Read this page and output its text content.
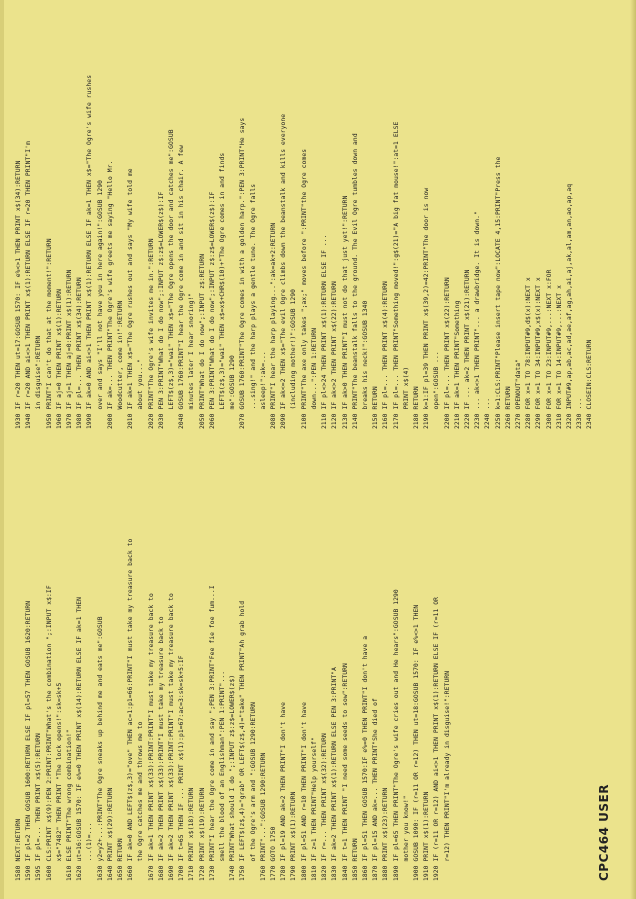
1580 NEXT:RETURN 1590 IF pl=2 THEN GOSUB 1600:RETURN ELSE IF pl=57 THEN GOSUB 1620:RETURN 1595 IF pl=... THEN PRINT x$(5):RETURN 1600 CLS:PRINT x$(9):PEN 2:PRINT:PRINT"What's the combination ";:INPUT x$:IF x$="7482" THEN PRINT "The lock opens!":sk=sk+5 1610 ELSE PRINT"The wrong combination!" 1620 ut=16:GOSUB 1570: IF e%=0 THEN PRINT x$(14):RETURN ELSE IF ak=1 THEN ...(1)=... 1630 y2=y2+...:PRINT"The Ogre sneaks up behind me and eats me":GOSUB 1640 PRINT x$(29):RETURN 1650 RETURN 1660 IF ak=0 AND LEFT$(z$,3)="ove" THEN ac=1:p1=66:PRINT"I must take my treasure back to the Ogre catches me and throws me to 1670 IF ak=1 THEN PRINT x$(33):PRINT:PRINT"I must take my treasure back to 1680 IF ak=2 THEN PRINT x$(33):PRINT"I must take my treasure back to 1690 IF ak=2 THEN PRINT x$(33):PRINT:PRINT"I must take my treasure back to 1700 IF t=65 THEN IF ... PRINT x$(1):p1=67:ac=3:sk=sk+5:IF 1710 PRINT x$(18):RETURN 1720 PRINT x$(19):RETURN 1730 PRINT"I hear the Ogre come in and say ";PEN 3:PRINT"Fee fie foe fum...I smell the blood of an Englishman":PEN 1:PRINT"... 1740 PRINT"What should I do ";:INPUT z$:z$=LOWER$(z$) 1750 IF LEFT$(z$,4)="grab" OR LEFT$(z$,4)="take" THEN PRINT"Ah grab hold of the Ogre's arm and ":GOSUB 1290:RETURN 1760 PRINT"...":GOSUB 1290:RETURN 1770 GOTO 1750 1780 IF pl=19 AND ak=2 THEN PRINT"I don't have 1790 PRINT x$(1):RETURN 1800 IF pl=51 AND r=10 THEN PRINT"I don't have 1810 IF z=1 THEN PRINT"Help yourself" 1820 IF r=... THEN PRINT x$(32):RETURN 1830 IF ak=2 THEN PRINT x$(1):RETURN ELSE PEN 3:PRINT"A 1840 IF t=1 THEN PRINT "I need some seeds to sow":RETURN 1850 RETURN 1860 IF pl=51 THEN GOSUB 1570:IF e%=0 THEN PRINT"I don't have a 1870 IF pl=15 AND ak=... THEN PRINT"She died of 1880 PRINT x$(23):RETURN 1890 IF pl=65 THEN PRINT"The Ogre's wife cries out and He hears":GOSUB 1290 mother you know!" 1900 GOSUB 1090: IF (r=11 OR r=12) THEN ut=18:GOSUB 1570: IF e%<>1 THEN 1910 PRINT x$(1):RETURN 1920 IF (r=11 OR r=12) AND ai<>1 THEN PRINT x$(1):RETURN ELSE IF (r=11 OR r=12) THEN PRINT"I'm already in disguise!":RETURN
1930 IF r=20 THEN ut=17:GOSUB 1570: IF e%<>1 THEN PRINT x$(34):RETURN 1940 IF r=20 AND ai<>1 THEN PRINT x$(1):RETURN ELSE IF r=20 THEN PRINT"I'm in disguise":RETURN 1950 PRINT"I can't do that at the moment!":RETURN 1960 IF aj=0 THEN PRINT x$(1):RETURN 1970 IF aj=1 THEN aj=0:PRINT x$(1):RETURN 1980 IF pl=... THEN PRINT x$(34):RETURN 1990 IF ak=0 AND ai<>1 THEN PRINT x$(1):RETURN ELSE IF ak=1 THEN x$="The Ogre's wife rushes over and says "I'll not have you in here again!":GOSUB 1290 2000 IF ak=... THEN PRINT"The Ogre's wife greets me saying "Hello Mr. Woodcutter, come in!":RETURN 2010 IF ak=1 THEN x$="The Ogre rushes out and says "My wife told me about you..." 2020 PRINT"The Ogre's wife invites me in.":RETURN 2030 PEN 3:PRINT"What do I do now";:INPUT z$:z$=LOWER$(z$):IF LEFT$(z$,3)="wai" THEN x$="The Ogre opens the door and catches me":GOSUB 2040 GOSUB 1760:PRINT"I hear the Ogre come in and sit in his chair. A few minutes later I hear snoring!" 2050 PRINT"What do I do now";:INPUT z$:RETURN 2060 PEN 3:PRINT"What do I do now";:INPUT z$:z$=LOWER$(z$):IF LEFT$(z$,3)="wai" THEN x$=x$+CHR$(10)+"The Ogre comes in and finds me":GOSUB 1290 2070 GOSUB 1760:PRINT"The Ogre comes in with a golden harp.":PEN 3:PRINT"He says ...sing!" and the harp plays a gentle tune. The Ogre falls asleep!":ak=... 2080 PRINT"I hear the harp playing...":ak=ak+2:RETURN 2090 IF ak<=2 THEN x$="The evil Ogre climbs down the beanstalk and kills everyone (including mother!)":GOSUB 1290 2100 PRINT"The axe only takes ";ax;" moves before ":PRINT"the Ogre comes down...":PEN 1:RETURN 2110 IF pl<>24 THEN PRINT x$(1):RETURN ELSE IF ... 2120 IF ak<>2 THEN PRINT x$(22):RETURN 2130 IF ak>0 THEN PRINT"I must not do that just yet!":RETURN 2140 PRINT"The beanstalk falls to the ground. The Evil Ogre tumbles down and breaks his neck!":GOSUB 1340 2150 RETURN 2160 IF pl=... THEN PRINT x$(4):RETURN 2170 IF pl=... THEN PRINT"Something moved!":g$(21)="A big fat mouse!":at=1 ELSE PRINT x$(4) 2180 RETURN 2190 k=1:IF pl=39 THEN PRINT x$(39,2)=42:PRINT"The door is now open":GOSUB ... 2200 IF pl=... THEN PRINT x$(22):RETURN 2210 IF ak=1 THEN PRINT"Something 2220 IF ... ak=2 THEN PRINT x$(21):RETURN 2230 ... ak<>1 THEN PRINT"... a drawbridge. It is down." 2240 ... 2250 k=1:CLS:PRINT"Please insert tape now":LOCATE 4,15:PRINT"Press the 2260 RETURN 2270 OPENOUT"data" 2280 FOR x=1 TO 78:INPUT#9,d$(x):NEXT x 2290 FOR x=1 TO 34:INPUT#9,x$(x):NEXT x 2300 FOR x=1 TO 23:INPUT#9,...:NEXT x:FOR 2310 FOR x=1 TO 14:INPUT#9,...:NEXT x 2320 INPUT#9,ap,ab,ac,ad,ae,af,ag,ah,ai,aj,ak,al,am,an,ao,ap,aq 2330 ... 2340 CLOSEIN:CLS:RETURN
CPC464 USER
